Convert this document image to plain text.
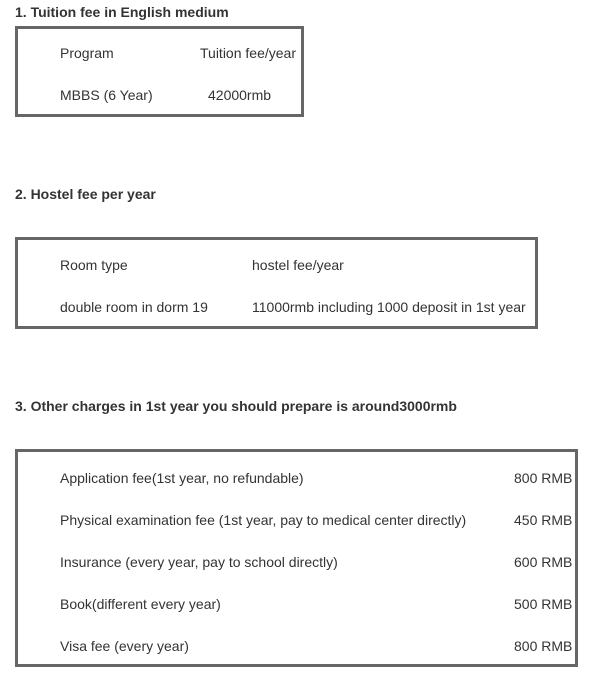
1. Tuition fee in English medium
Program	Tuition fee/year
MBBS (6 Year)	42000rmb
2. Hostel fee per year
Room type	hostel fee/year
double room in dorm 19	11000rmb including 1000 deposit in 1st year
3. Other charges in 1st year you should prepare is around3000rmb
Application fee(1st year, no refundable)	800 RMB
Physical examination fee (1st year, pay to medical center directly)	450 RMB
Insurance (every year, pay to school directly)	600 RMB
Book(different every year)	500 RMB
Visa fee (every year)	800 RMB
